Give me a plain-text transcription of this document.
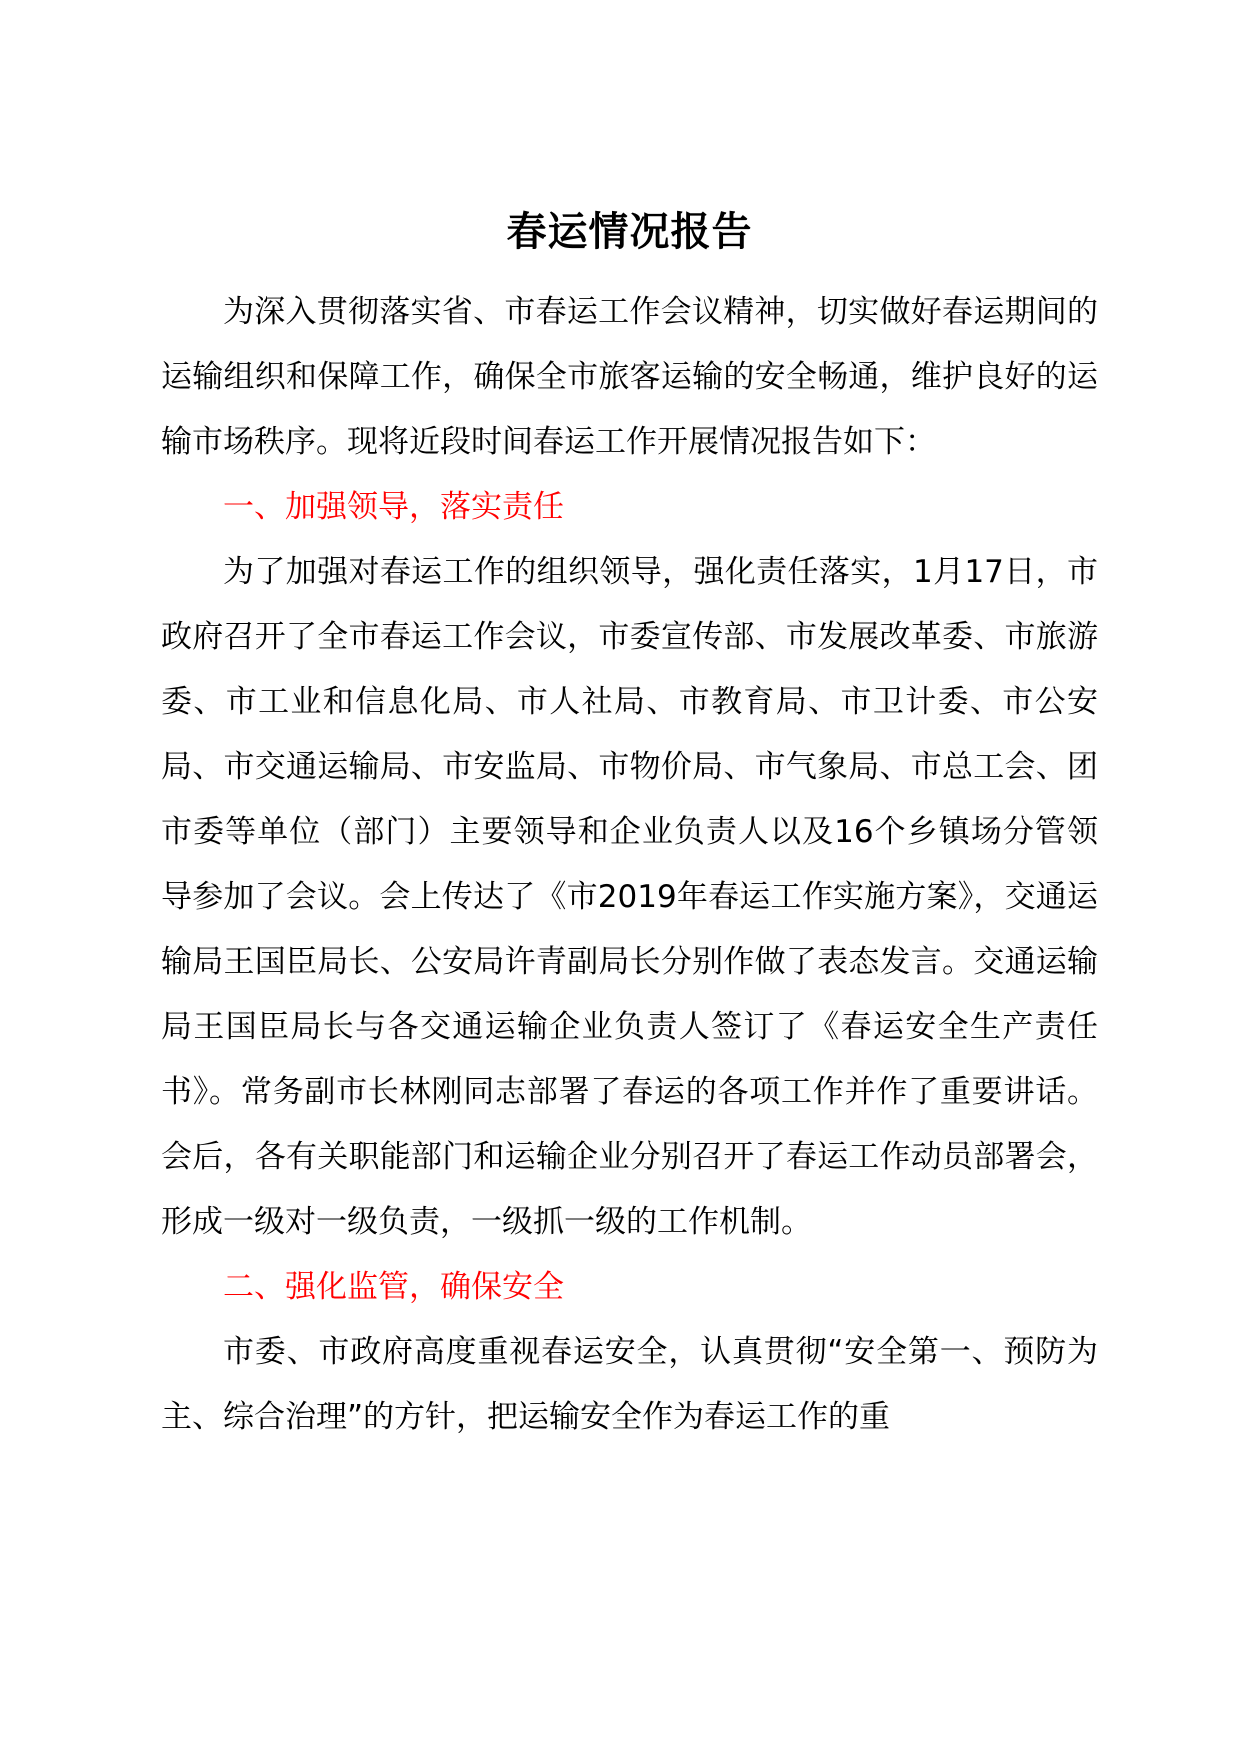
春运情况报告

为深入贯彻落实省、市春运工作会议精神，切实做好春运期间的运输组织和保障工作，确保全市旅客运输的安全畅通，维护良好的运输市场秩序。现将近段时间春运工作开展情况报告如下：

一、加强领导，落实责任

为了加强对春运工作的组织领导，强化责任落实，1月17日，市政府召开了全市春运工作会议，市委宣传部、市发展改革委、市旅游委、市工业和信息化局、市人社局、市教育局、市卫计委、市公安局、市交通运输局、市安监局、市物价局、市气象局、市总工会、团市委等单位（部门）主要领导和企业负责人以及16个乡镇场分管领导参加了会议。会上传达了《市2019年春运工作实施方案》，交通运输局王国臣局长、公安局许青副局长分别作做了表态发言。交通运输局王国臣局长与各交通运输企业负责人签订了《春运安全生产责任书》。常务副市长林刚同志部署了春运的各项工作并作了重要讲话。会后，各有关职能部门和运输企业分别召开了春运工作动员部署会，形成一级对一级负责，一级抓一级的工作机制。

二、强化监管，确保安全

市委、市政府高度重视春运安全，认真贯彻“安全第一、预防为主、综合治理”的方针，把运输安全作为春运工作的重
